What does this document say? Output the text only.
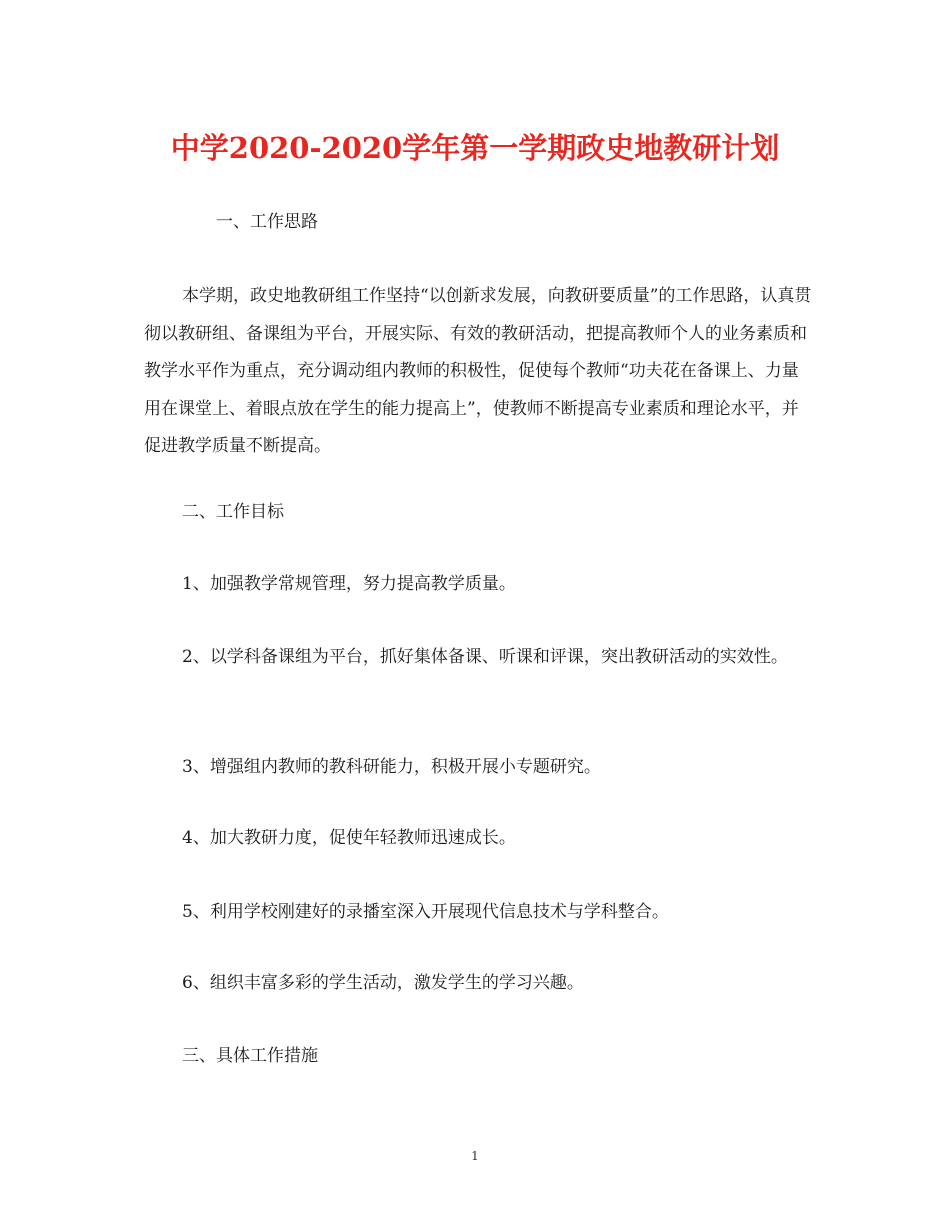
中学2020-2020学年第一学期政史地教研计划

一、工作思路

本学期，政史地教研组工作坚持“以创新求发展，向教研要质量”的工作思路，认真贯彻以教研组、备课组为平台，开展实际、有效的教研活动，把提高教师个人的业务素质和教学水平作为重点，充分调动组内教师的积极性，促使每个教师“功夫花在备课上、力量用在课堂上、着眼点放在学生的能力提高上”，使教师不断提高专业素质和理论水平，并促进教学质量不断提高。

二、工作目标

1、加强教学常规管理，努力提高教学质量。

2、以学科备课组为平台，抓好集体备课、听课和评课，突出教研活动的实效性。

3、增强组内教师的教科研能力，积极开展小专题研究。

4、加大教研力度，促使年轻教师迅速成长。

5、利用学校刚建好的录播室深入开展现代信息技术与学科整合。

6、组织丰富多彩的学生活动，激发学生的学习兴趣。

三、具体工作措施

1
